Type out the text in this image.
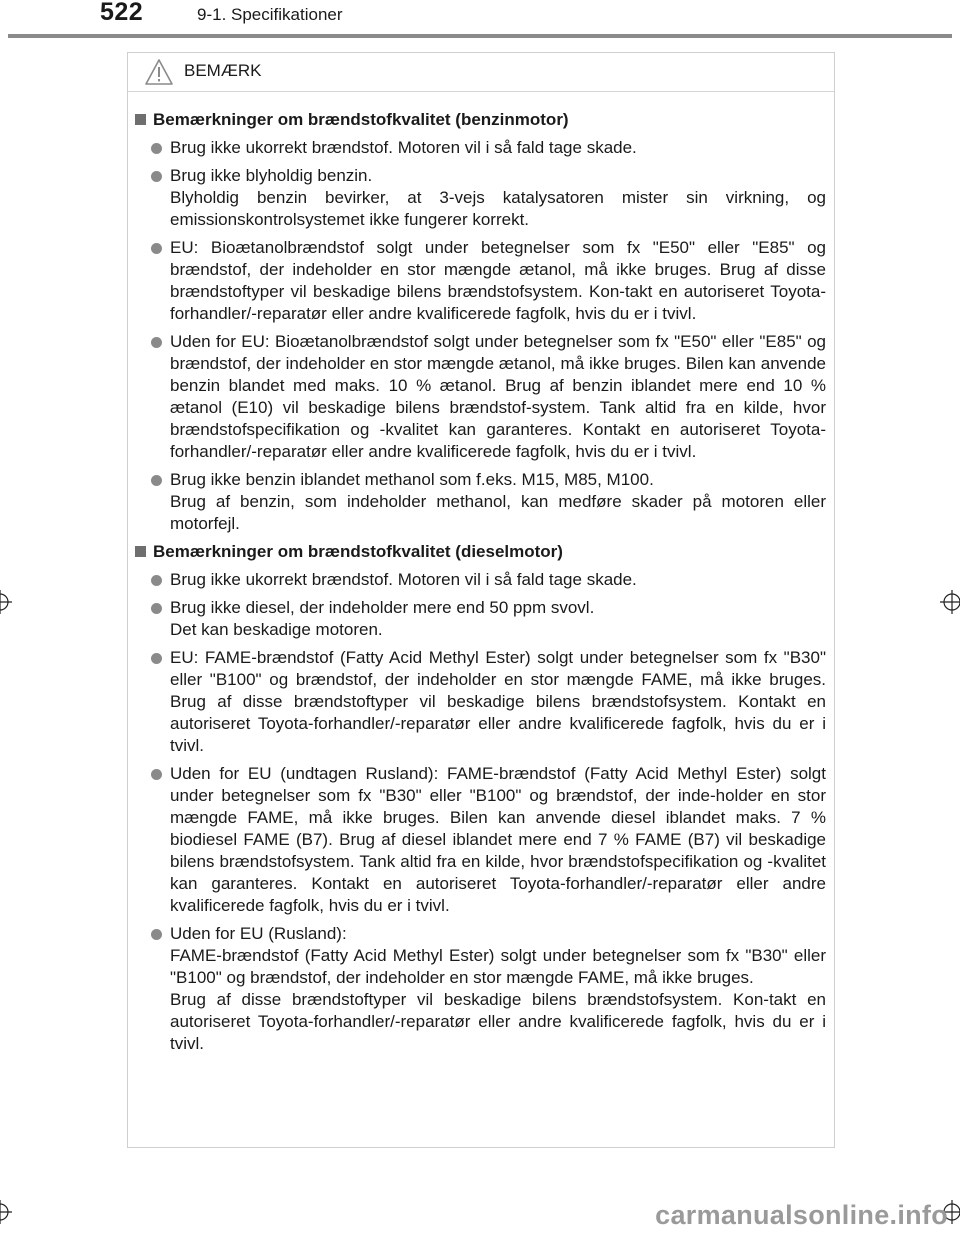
522	9-1. Specifikationer
BEMÆRK
Bemærkninger om brændstofkvalitet (benzinmotor)
Brug ikke ukorrekt brændstof. Motoren vil i så fald tage skade.
Brug ikke blyholdig benzin.
Blyholdig benzin bevirker, at 3-vejs katalysatoren mister sin virkning, og emissionskontrolsystemet ikke fungerer korrekt.
EU: Bioætanolbrændstof solgt under betegnelser som fx "E50" eller "E85" og brændstof, der indeholder en stor mængde ætanol, må ikke bruges. Brug af disse brændstoftyper vil beskadige bilens brændstofsystem. Kon-takt en autoriseret Toyota-forhandler/-reparatør eller andre kvalificerede fagfolk, hvis du er i tvivl.
Uden for EU: Bioætanolbrændstof solgt under betegnelser som fx "E50" eller "E85" og brændstof, der indeholder en stor mængde ætanol, må ikke bruges. Bilen kan anvende benzin blandet med maks. 10 % ætanol. Brug af benzin iblandet mere end 10 % ætanol (E10) vil beskadige bilens brændstof-system. Tank altid fra en kilde, hvor brændstofspecifikation og -kvalitet kan garanteres. Kontakt en autoriseret Toyota-forhandler/-reparatør eller andre kvalificerede fagfolk, hvis du er i tvivl.
Brug ikke benzin iblandet methanol som f.eks. M15, M85, M100.
Brug af benzin, som indeholder methanol, kan medføre skader på motoren eller motorfejl.
Bemærkninger om brændstofkvalitet (dieselmotor)
Brug ikke ukorrekt brændstof. Motoren vil i så fald tage skade.
Brug ikke diesel, der indeholder mere end 50 ppm svovl.
Det kan beskadige motoren.
EU: FAME-brændstof (Fatty Acid Methyl Ester) solgt under betegnelser som fx "B30" eller "B100" og brændstof, der indeholder en stor mængde FAME, må ikke bruges. Brug af disse brændstoftyper vil beskadige bilens brændstofsystem. Kontakt en autoriseret Toyota-forhandler/-reparatør eller andre kvalificerede fagfolk, hvis du er i tvivl.
Uden for EU (undtagen Rusland): FAME-brændstof (Fatty Acid Methyl Ester) solgt under betegnelser som fx "B30" eller "B100" og brændstof, der inde-holder en stor mængde FAME, må ikke bruges. Bilen kan anvende diesel iblandet maks. 7 % biodiesel FAME (B7). Brug af diesel iblandet mere end 7 % FAME (B7) vil beskadige bilens brændstofsystem. Tank altid fra en kilde, hvor brændstofspecifikation og -kvalitet kan garanteres. Kontakt en autoriseret Toyota-forhandler/-reparatør eller andre kvalificerede fagfolk, hvis du er i tvivl.
Uden for EU (Rusland):
FAME-brændstof (Fatty Acid Methyl Ester) solgt under betegnelser som fx "B30" eller "B100" og brændstof, der indeholder en stor mængde FAME, må ikke bruges.
Brug af disse brændstoftyper vil beskadige bilens brændstofsystem. Kon-takt en autoriseret Toyota-forhandler/-reparatør eller andre kvalificerede fagfolk, hvis du er i tvivl.
carmanualsonline.info
